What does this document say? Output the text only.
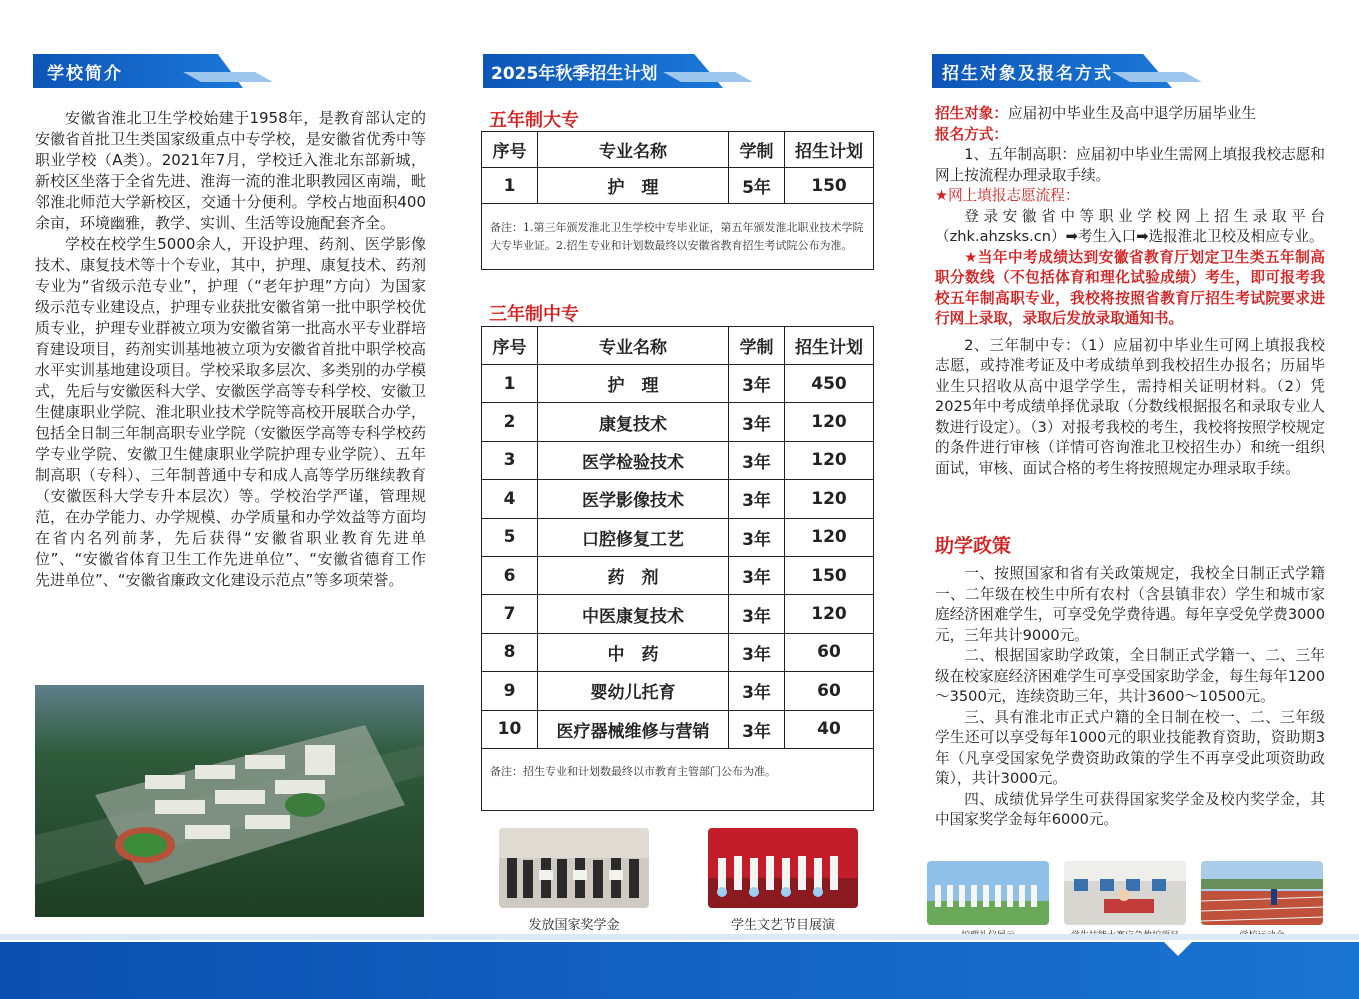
学校简介

安徽省淮北卫生学校始建于1958年，是教育部认定的安徽省首批卫生类国家级重点中专学校，是安徽省优秀中等职业学校（A类）。2021年7月，学校迁入淮北东部新城，新校区坐落于全省先进、淮海一流的淮北职教园区南端，毗邻淮北师范大学新校区，交通十分便利。学校占地面积400余亩，环境幽雅，教学、实训、生活等设施配套齐全。

学校在校学生5000余人，开设护理、药剂、医学影像技术、康复技术等十个专业，其中，护理、康复技术、药剂专业为“省级示范专业”，护理（“老年护理”方向）为国家级示范专业建设点，护理专业获批安徽省第一批中职学校优质专业，护理专业群被立项为安徽省第一批高水平专业群培育建设项目，药剂实训基地被立项为安徽省首批中职学校高水平实训基地建设项目。学校采取多层次、多类别的办学模式，先后与安徽医科大学、安徽医学高等专科学校、安徽卫生健康职业学院、淮北职业技术学院等高校开展联合办学，包括全日制三年制高职专业学院（安徽医学高等专科学校药学专业学院、安徽卫生健康职业学院护理专业学院）、五年制高职（专科）、三年制普通中专和成人高等学历继续教育（安徽医科大学专升本层次）等。学校治学严谨，管理规范，在办学能力、办学规模、办学质量和办学效益等方面均在省内名列前茅，先后获得“安徽省职业教育先进单位”、“安徽省体育卫生工作先进单位”、“安徽省德育工作先进单位”、“安徽省廉政文化建设示范点”等多项荣誉。

2025年秋季招生计划
五年制大专
序号	专业名称	学制	招生计划
1	护　理	5年	150
备注：1.第三年颁发淮北卫生学校中专毕业证，第五年颁发淮北职业技术学院大专毕业证。2.招生专业和计划数最终以安徽省教育招生考试院公布为准。			
三年制中专
序号	专业名称	学制	招生计划
1	护　理	3年	450
2	康复技术	3年	120
3	医学检验技术	3年	120
4	医学影像技术	3年	120
5	口腔修复工艺	3年	120
6	药　剂	3年	150
7	中医康复技术	3年	120
8	中　药	3年	60
9	婴幼儿托育	3年	60
10	医疗器械维修与营销	3年	40
备注：招生专业和计划数最终以市教育主管部门公布为准。			
发放国家奖学金	学生文艺节目展演
招生对象及报名方式
招生对象：应届初中毕业生及高中退学历届毕业生
报名方式：

1、五年制高职：应届初中毕业生需网上填报我校志愿和网上按流程办理录取手续。

★网上填报志愿流程：

登录安徽省中等职业学校网上招生录取平台（zhk.ahzsks.cn）➡考生入口➡选报淮北卫校及相应专业。

★当年中考成绩达到安徽省教育厅划定卫生类五年制高职分数线（不包括体育和理化试验成绩）考生，即可报考我校五年制高职专业，我校将按照省教育厅招生考试院要求进行网上录取，录取后发放录取通知书。

2、三年制中专：（1）应届初中毕业生可网上填报我校志愿，或持准考证及中考成绩单到我校招生办报名；历届毕业生只招收从高中退学学生，需持相关证明材料。（2）凭2025年中考成绩单择优录取（分数线根据报名和录取专业人数进行设定）。（3）对报考我校的考生，我校将按照学校规定的条件进行审核（详情可咨询淮北卫校招生办）和统一组织面试，审核、面试合格的考生将按照规定办理录取手续。

助学政策

一、按照国家和省有关政策规定，我校全日制正式学籍一、二年级在校生中所有农村（含县镇非农）学生和城市家庭经济困难学生，可享受免学费待遇。每年享受免学费3000元，三年共计9000元。

二、根据国家助学政策，全日制正式学籍一、二、三年级在校家庭经济困难学生可享受国家助学金，每生每年1200～3500元，连续资助三年，共计3600～10500元。

三、具有淮北市正式户籍的全日制在校一、二、三年级学生还可以享受每年1000元的职业技能教育资助，资助期3年（凡享受国家免学费资助政策的学生不再享受此项资助政策），共计3000元。

四、成绩优异学生可获得国家奖学金及校内奖学金，其中国家奖学金每年6000元。
